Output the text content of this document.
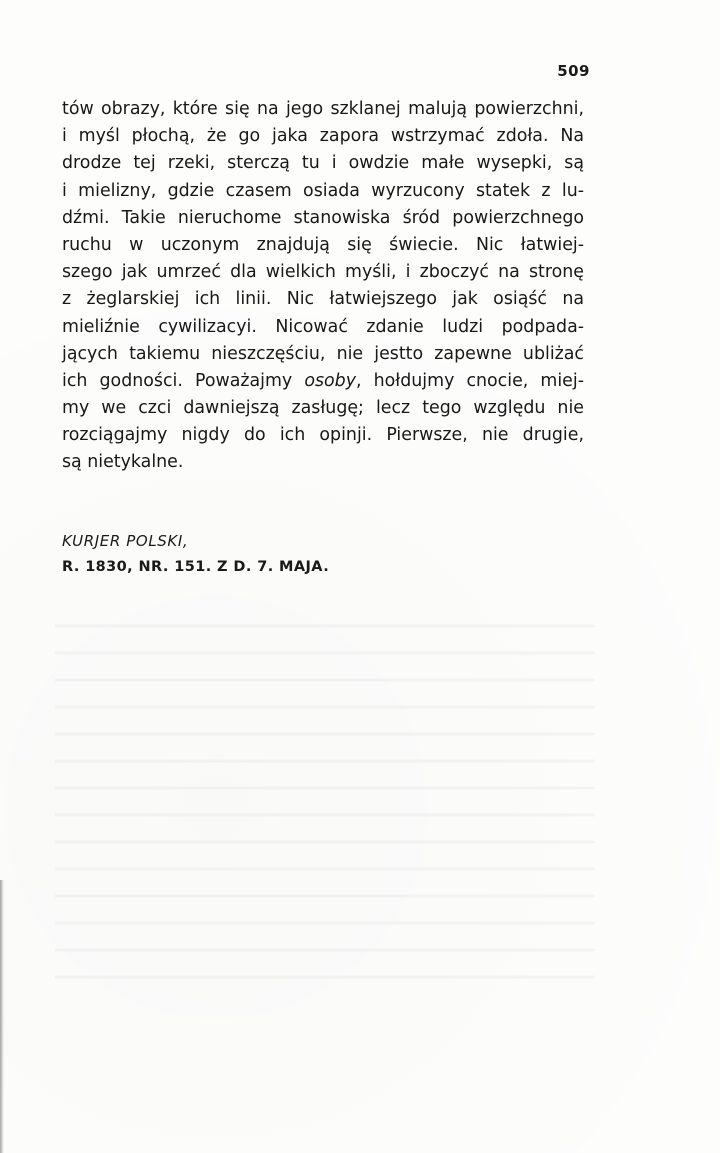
509
tów obrazy, które się na jego szklanej malują powierzchni,
i myśl płochą, że go jaka zapora wstrzymać zdoła. Na
drodze tej rzeki, sterczą tu i owdzie małe wysepki, są
i mielizny, gdzie czasem osiada wyrzucony statek z lu-
dźmi. Takie nieruchome stanowiska śród powierzchnego
ruchu w uczonym znajdują się świecie. Nic łatwiej-
szego jak umrzeć dla wielkich myśli, i zboczyć na stronę
z żeglarskiej ich linii. Nic łatwiejszego jak osiąść na
mieliźnie cywilizacyi. Nicować zdanie ludzi podpada-
jących takiemu nieszczęściu, nie jestto zapewne ubliżać
ich godności. Poważajmy osoby, hołdujmy cnocie, miej-
my we czci dawniejszą zasługę; lecz tego względu nie
rozciągajmy nigdy do ich opinji. Pierwsze, nie drugie,
są nietykalne.
KURJER POLSKI,
R. 1830, NR. 151. Z D. 7. MAJA.
